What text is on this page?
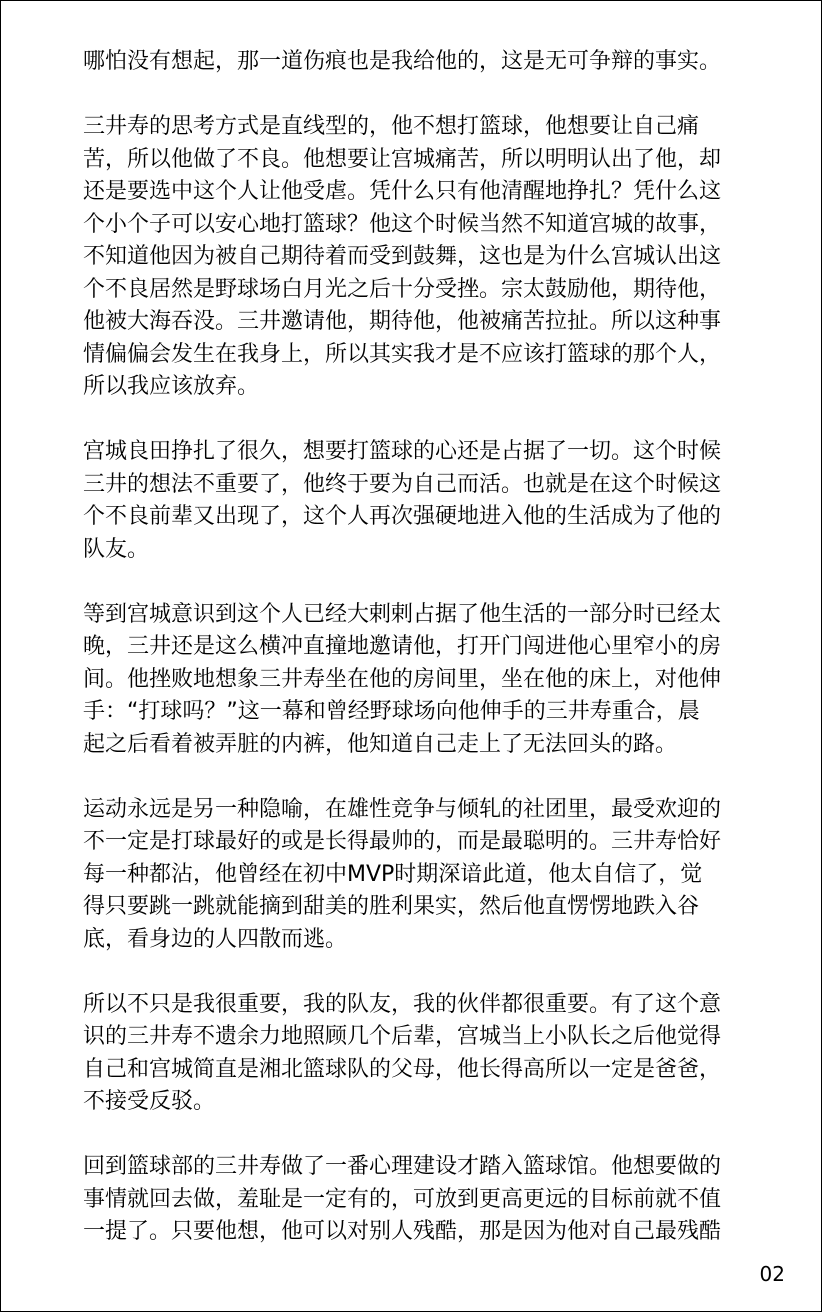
哪怕没有想起，那一道伤痕也是我给他的，这是无可争辩的事实。

三井寿的思考方式是直线型的，他不想打篮球，他想要让自己痛
苦，所以他做了不良。他想要让宫城痛苦，所以明明认出了他，却
还是要选中这个人让他受虐。凭什么只有他清醒地挣扎？凭什么这
个小个子可以安心地打篮球？他这个时候当然不知道宫城的故事，
不知道他因为被自己期待着而受到鼓舞，这也是为什么宫城认出这
个不良居然是野球场白月光之后十分受挫。宗太鼓励他，期待他，
他被大海吞没。三井邀请他，期待他，他被痛苦拉扯。所以这种事
情偏偏会发生在我身上，所以其实我才是不应该打篮球的那个人，
所以我应该放弃。

宫城良田挣扎了很久，想要打篮球的心还是占据了一切。这个时候
三井的想法不重要了，他终于要为自己而活。也就是在这个时候这
个不良前辈又出现了，这个人再次强硬地进入他的生活成为了他的
队友。

等到宫城意识到这个人已经大剌剌占据了他生活的一部分时已经太
晚，三井还是这么横冲直撞地邀请他，打开门闯进他心里窄小的房
间。他挫败地想象三井寿坐在他的房间里，坐在他的床上，对他伸
手：“打球吗？”这一幕和曾经野球场向他伸手的三井寿重合，晨
起之后看着被弄脏的内裤，他知道自己走上了无法回头的路。

运动永远是另一种隐喻，在雄性竞争与倾轧的社团里，最受欢迎的
不一定是打球最好的或是长得最帅的，而是最聪明的。三井寿恰好
每一种都沾，他曾经在初中MVP时期深谙此道，他太自信了，觉
得只要跳一跳就能摘到甜美的胜利果实，然后他直愣愣地跌入谷
底，看身边的人四散而逃。

所以不只是我很重要，我的队友，我的伙伴都很重要。有了这个意
识的三井寿不遗余力地照顾几个后辈，宫城当上小队长之后他觉得
自己和宫城简直是湘北篮球队的父母，他长得高所以一定是爸爸，
不接受反驳。

回到篮球部的三井寿做了一番心理建设才踏入篮球馆。他想要做的
事情就回去做，羞耻是一定有的，可放到更高更远的目标前就不值
一提了。只要他想，他可以对别人残酷，那是因为他对自己最残酷

02
